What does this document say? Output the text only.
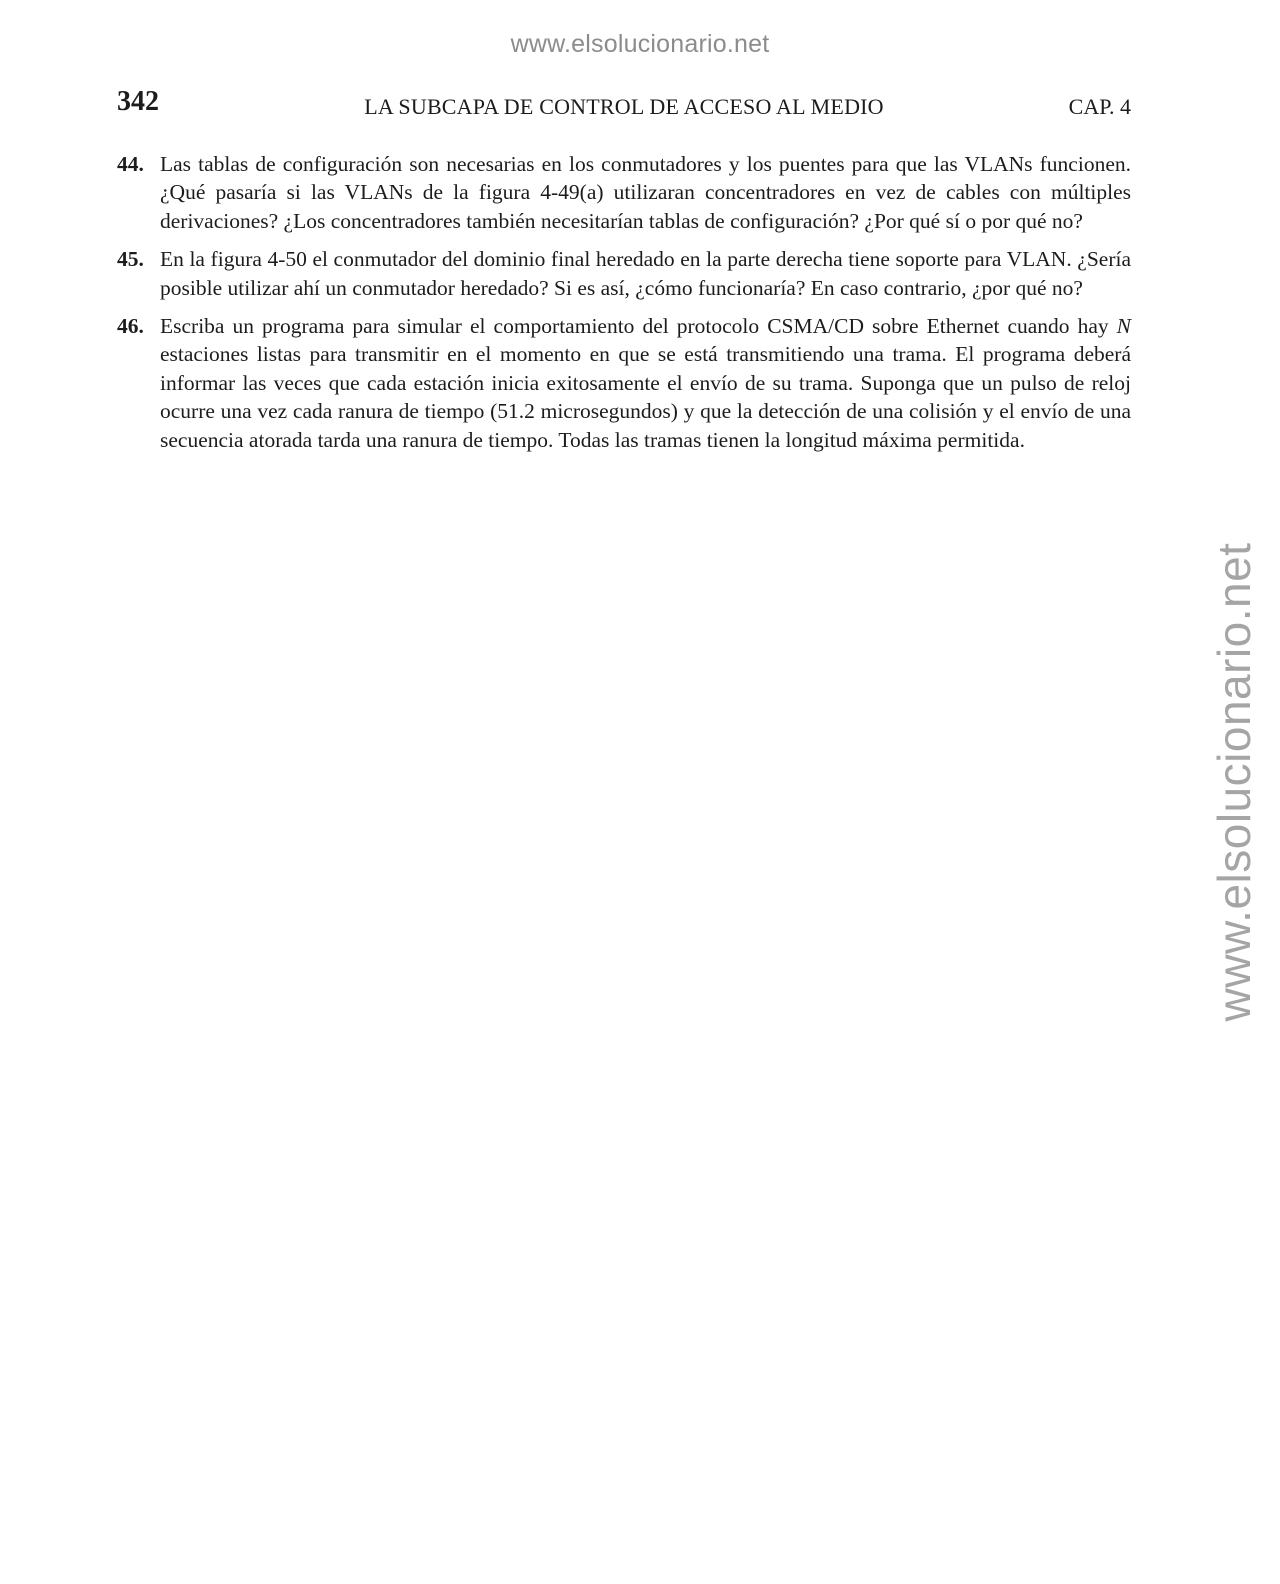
www.elsolucionario.net
www.elsolucionario.net
342	LA SUBCAPA DE CONTROL DE ACCESO AL MEDIO	CAP. 4
44. Las tablas de configuración son necesarias en los conmutadores y los puentes para que las VLANs funcionen. ¿Qué pasaría si las VLANs de la figura 4-49(a) utilizaran concentradores en vez de cables con múltiples derivaciones? ¿Los concentradores también necesitarían tablas de configuración? ¿Por qué sí o por qué no?
45. En la figura 4-50 el conmutador del dominio final heredado en la parte derecha tiene soporte para VLAN. ¿Sería posible utilizar ahí un conmutador heredado? Si es así, ¿cómo funcionaría? En caso contrario, ¿por qué no?
46. Escriba un programa para simular el comportamiento del protocolo CSMA/CD sobre Ethernet cuando hay N estaciones listas para transmitir en el momento en que se está transmitiendo una trama. El programa deberá informar las veces que cada estación inicia exitosamente el envío de su trama. Suponga que un pulso de reloj ocurre una vez cada ranura de tiempo (51.2 microsegundos) y que la detección de una colisión y el envío de una secuencia atorada tarda una ranura de tiempo. Todas las tramas tienen la longitud máxima permitida.
